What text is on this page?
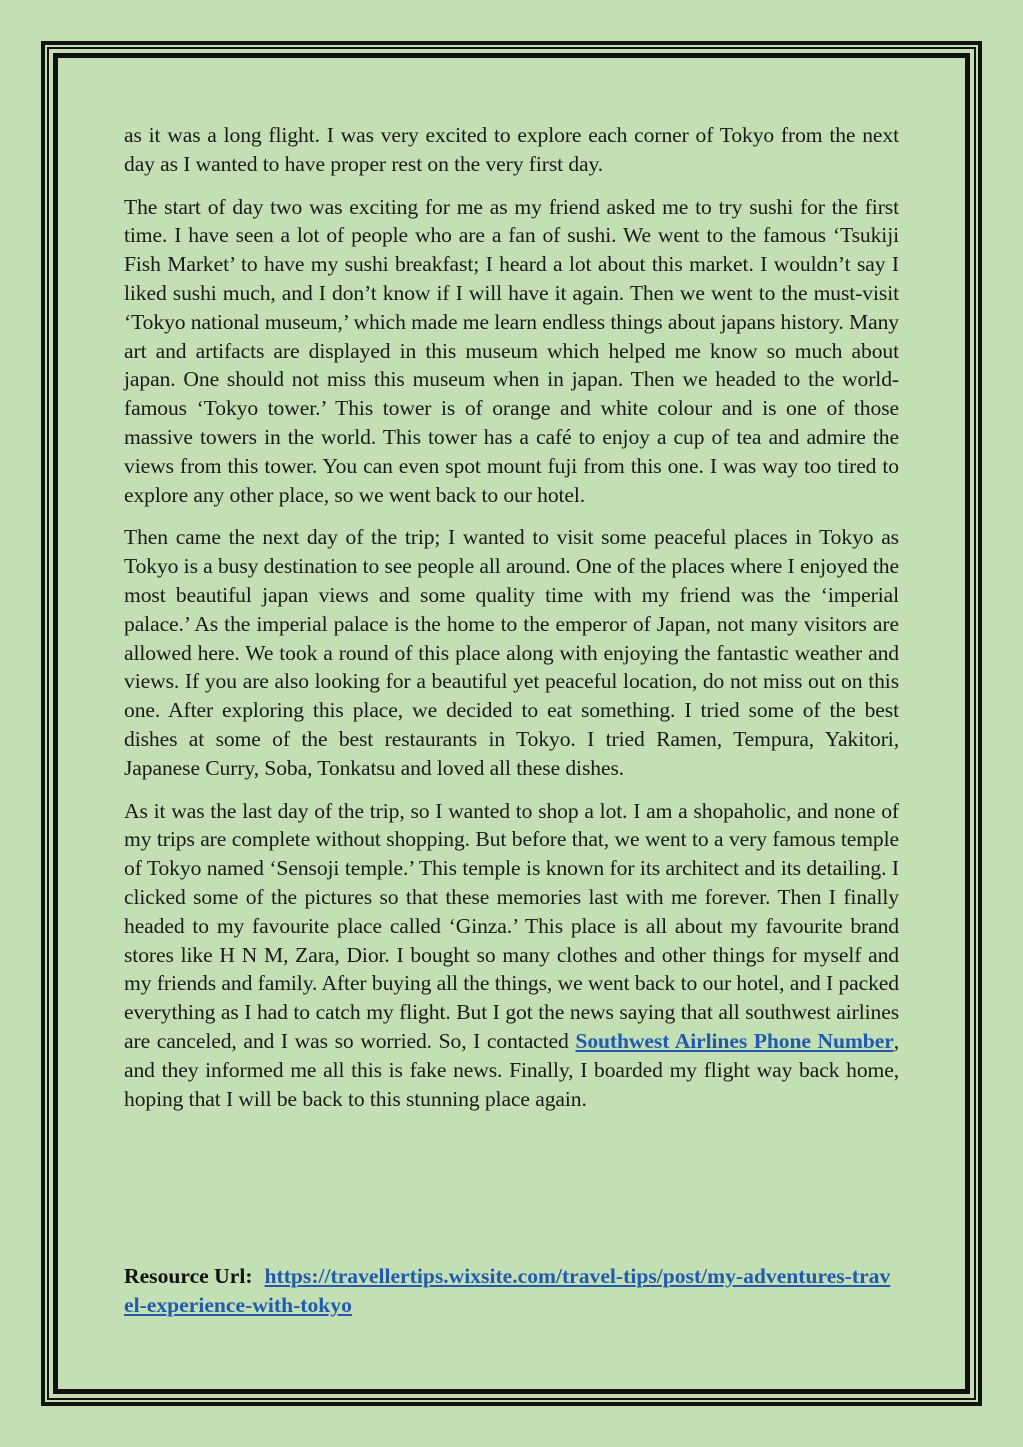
as it was a long flight. I was very excited to explore each corner of Tokyo from the next day as I wanted to have proper rest on the very first day.

The start of day two was exciting for me as my friend asked me to try sushi for the first time. I have seen a lot of people who are a fan of sushi. We went to the famous ‘Tsukiji Fish Market’ to have my sushi breakfast; I heard a lot about this market. I wouldn’t say I liked sushi much, and I don’t know if I will have it again. Then we went to the must-visit ‘Tokyo national museum,’ which made me learn endless things about japans history. Many art and artifacts are displayed in this museum which helped me know so much about japan. One should not miss this museum when in japan. Then we headed to the world-famous ‘Tokyo tower.’ This tower is of orange and white colour and is one of those massive towers in the world. This tower has a café to enjoy a cup of tea and admire the views from this tower. You can even spot mount fuji from this one. I was way too tired to explore any other place, so we went back to our hotel.

Then came the next day of the trip; I wanted to visit some peaceful places in Tokyo as Tokyo is a busy destination to see people all around. One of the places where I enjoyed the most beautiful japan views and some quality time with my friend was the ‘imperial palace.’ As the imperial palace is the home to the emperor of Japan, not many visitors are allowed here. We took a round of this place along with enjoying the fantastic weather and views. If you are also looking for a beautiful yet peaceful location, do not miss out on this one. After exploring this place, we decided to eat something. I tried some of the best dishes at some of the best restaurants in Tokyo. I tried Ramen, Tempura, Yakitori, Japanese Curry, Soba, Tonkatsu and loved all these dishes.

As it was the last day of the trip, so I wanted to shop a lot. I am a shopaholic, and none of my trips are complete without shopping. But before that, we went to a very famous temple of Tokyo named ‘Sensoji temple.’ This temple is known for its architect and its detailing. I clicked some of the pictures so that these memories last with me forever. Then I finally headed to my favourite place called ‘Ginza.’ This place is all about my favourite brand stores like H N M, Zara, Dior. I bought so many clothes and other things for myself and my friends and family. After buying all the things, we went back to our hotel, and I packed everything as I had to catch my flight. But I got the news saying that all southwest airlines are canceled, and I was so worried. So, I contacted Southwest Airlines Phone Number, and they informed me all this is fake news. Finally, I boarded my flight way back home, hoping that I will be back to this stunning place again.

Resource Url: https://travellertips.wixsite.com/travel-tips/post/my-adventures-travel-experience-with-tokyo
